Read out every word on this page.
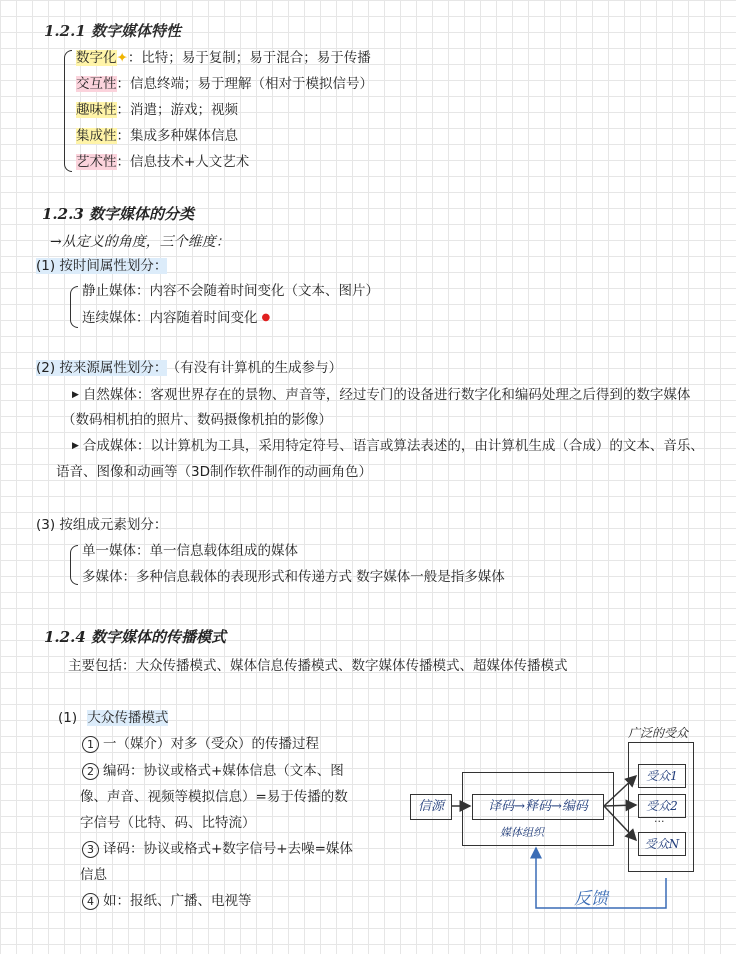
1.2.1 数字媒体特性
数字化✦：比特；易于复制；易于混合；易于传播
交互性：信息终端；易于理解（相对于模拟信号）
趣味性：消遣；游戏；视频
集成性：集成多种媒体信息
艺术性：信息技术+人文艺术
1.2.3 数字媒体的分类
→从定义的角度，三个维度：
(1) 按时间属性划分：
静止媒体：内容不会随着时间变化（文本、图片）
连续媒体：内容随着时间变化 ●
(2) 按来源属性划分： （有没有计算机的生成参与）
▶ 自然媒体：客观世界存在的景物、声音等，经过专门的设备进行数字化和编码处理之后得到的数字媒体
（数码相机拍的照片、数码摄像机拍的影像）
▶ 合成媒体：以计算机为工具，采用特定符号、语言或算法表述的，由计算机生成（合成）的文本、音乐、
语音、图像和动画等（3D制作软件制作的动画角色）
(3) 按组成元素划分：
单一媒体：单一信息载体组成的媒体
多媒体：多种信息载体的表现形式和传递方式 数字媒体一般是指多媒体
1.2.4 数字媒体的传播模式
主要包括：大众传播模式、媒体信息传播模式、数字媒体传播模式、超媒体传播模式
(1) 大众传播模式
1 一（媒介）对多（受众）的传播过程
2 编码：协议或格式+媒体信息（文本、图
像、声音、视频等模拟信息）=易于传播的数
字信号（比特、码、比特流）
3 译码：协议或格式+数字信号+去噪=媒体
信息
4 如：报纸、广播、电视等
信源	译码→释码→编码
媒体组织
广泛的受众
受众1
受众2
...
受众N
反馈
